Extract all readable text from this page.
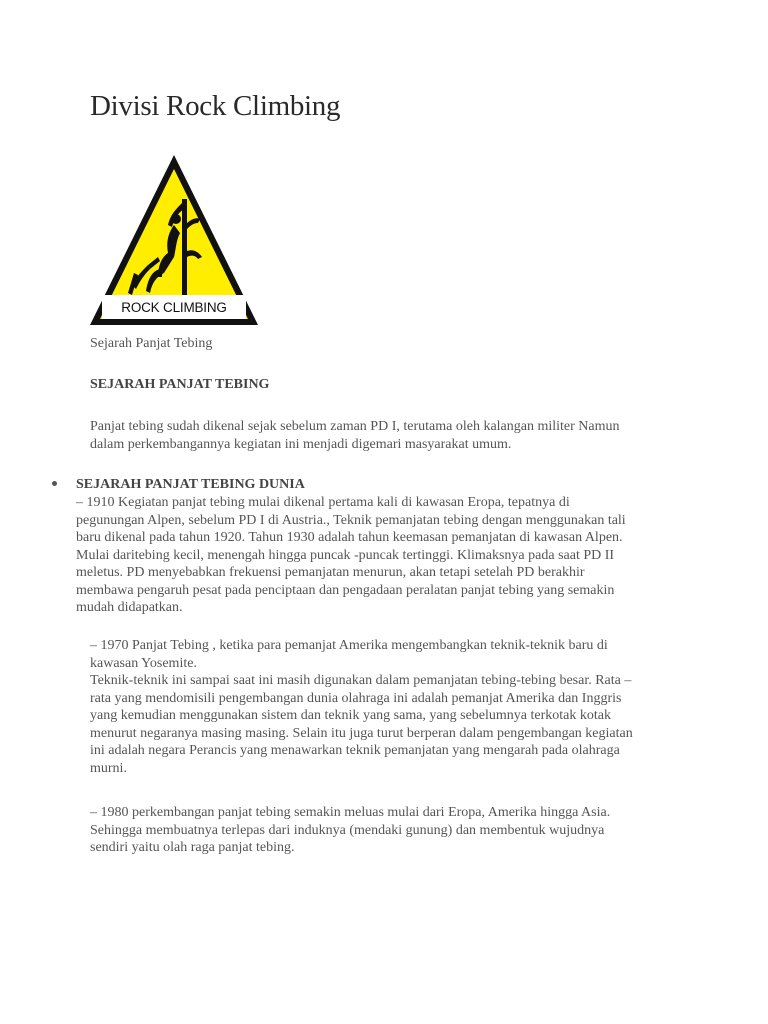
Divisi Rock Climbing
ROCK CLIMBING
Sejarah Panjat Tebing
SEJARAH PANJAT TEBING

Panjat tebing sudah dikenal sejak sebelum zaman PD I, terutama oleh kalangan militer Namun
dalam perkembangannya kegiatan ini menjadi digemari masyarakat umum.

SEJARAH PANJAT TEBING DUNIA

– 1910 Kegiatan panjat tebing mulai dikenal pertama kali di kawasan Eropa, tepatnya di
pegunungan Alpen, sebelum PD I di Austria., Teknik pemanjatan tebing dengan menggunakan tali
baru dikenal pada tahun 1920. Tahun 1930 adalah tahun keemasan pemanjatan di kawasan Alpen.
Mulai daritebing kecil, menengah hingga puncak -puncak tertinggi. Klimaksnya pada saat PD II
meletus. PD menyebabkan frekuensi pemanjatan menurun, akan tetapi setelah PD berakhir
membawa pengaruh pesat pada penciptaan dan pengadaan peralatan panjat tebing yang semakin
mudah didapatkan.

– 1970 Panjat Tebing , ketika para pemanjat Amerika mengembangkan teknik-teknik baru di
kawasan Yosemite.
Teknik-teknik ini sampai saat ini masih digunakan dalam pemanjatan tebing-tebing besar. Rata –
rata yang mendomisili pengembangan dunia olahraga ini adalah pemanjat Amerika dan Inggris
yang kemudian menggunakan sistem dan teknik yang sama, yang sebelumnya terkotak kotak
menurut negaranya masing masing. Selain itu juga turut berperan dalam pengembangan kegiatan
ini adalah negara Perancis yang menawarkan teknik pemanjatan yang mengarah pada olahraga
murni.

– 1980 perkembangan panjat tebing semakin meluas mulai dari Eropa, Amerika hingga Asia.
Sehingga membuatnya terlepas dari induknya (mendaki gunung) dan membentuk wujudnya
sendiri yaitu olah raga panjat tebing.
